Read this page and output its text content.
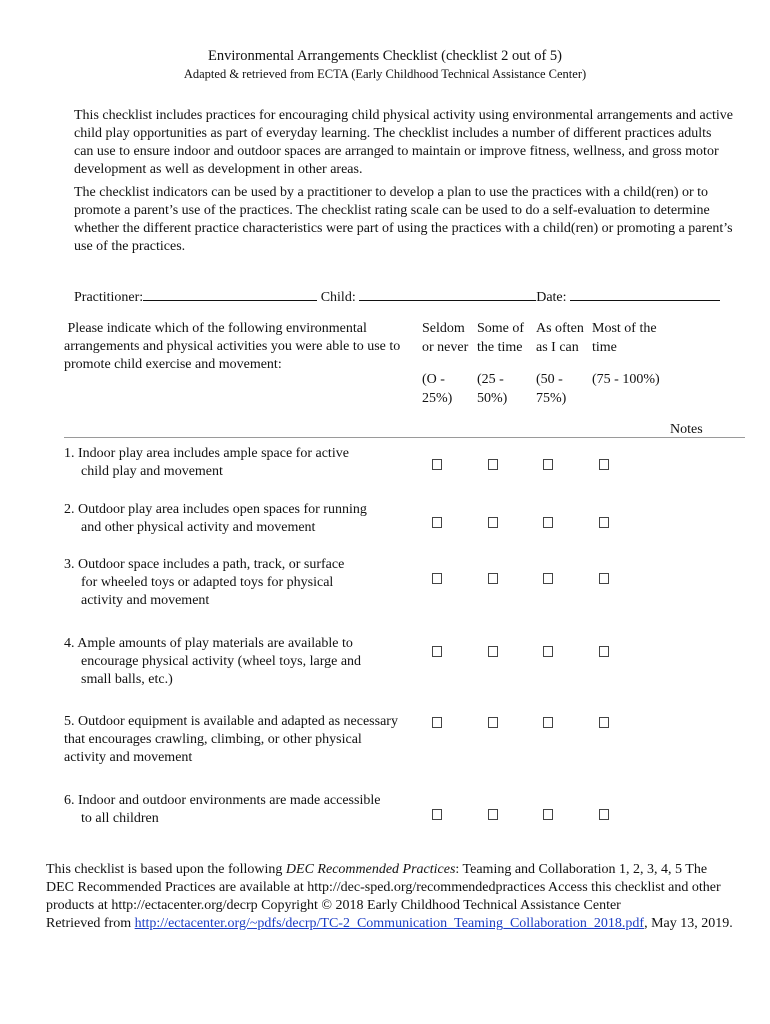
Environmental Arrangements Checklist (checklist 2 out of 5)
Adapted & retrieved from ECTA (Early Childhood Technical Assistance Center)
This checklist includes practices for encouraging child physical activity using environmental arrangements and active child play opportunities as part of everyday learning. The checklist includes a number of different practices adults can use to ensure indoor and outdoor spaces are arranged to maintain or improve fitness, wellness, and gross motor development as well as development in other areas.
The checklist indicators can be used by a practitioner to develop a plan to use the practices with a child(ren) or to promote a parent’s use of the practices. The checklist rating scale can be used to do a self-evaluation to determine whether the different practice characteristics were part of using the practices with a child(ren) or promoting a parent’s use of the practices.
Practitioner:	Child:	Date:
Please indicate which of the following environmental arrangements and physical activities you were able to use to promote child exercise and movement:
Seldom
or never
Some of
the time
As often
as I can
Most of the
time
(O -
25%)
(25 -
50%)
(50 -
75%)
(75 - 100%)
Notes
1. Indoor play area includes ample space for active
child play and movement
2. Outdoor play area includes open spaces for running
and other physical activity and movement
3. Outdoor space includes a path, track, or surface
for wheeled toys or adapted toys for physical activity and movement
4. Ample amounts of play materials are available to
encourage physical activity (wheel toys, large and small balls, etc.)
5. Outdoor equipment is available and adapted as necessary that encourages crawling, climbing, or other physical activity and movement
6. Indoor and outdoor environments are made accessible
to all children
This checklist is based upon the following DEC Recommended Practices: Teaming and Collaboration 1, 2, 3, 4, 5 The DEC Recommended Practices are available at http://dec-sped.org/recommendedpractices Access this checklist and other products at http://ectacenter.org/decrp Copyright © 2018 Early Childhood Technical Assistance Center
Retrieved from http://ectacenter.org/~pdfs/decrp/TC-2_Communication_Teaming_Collaboration_2018.pdf, May 13, 2019.
